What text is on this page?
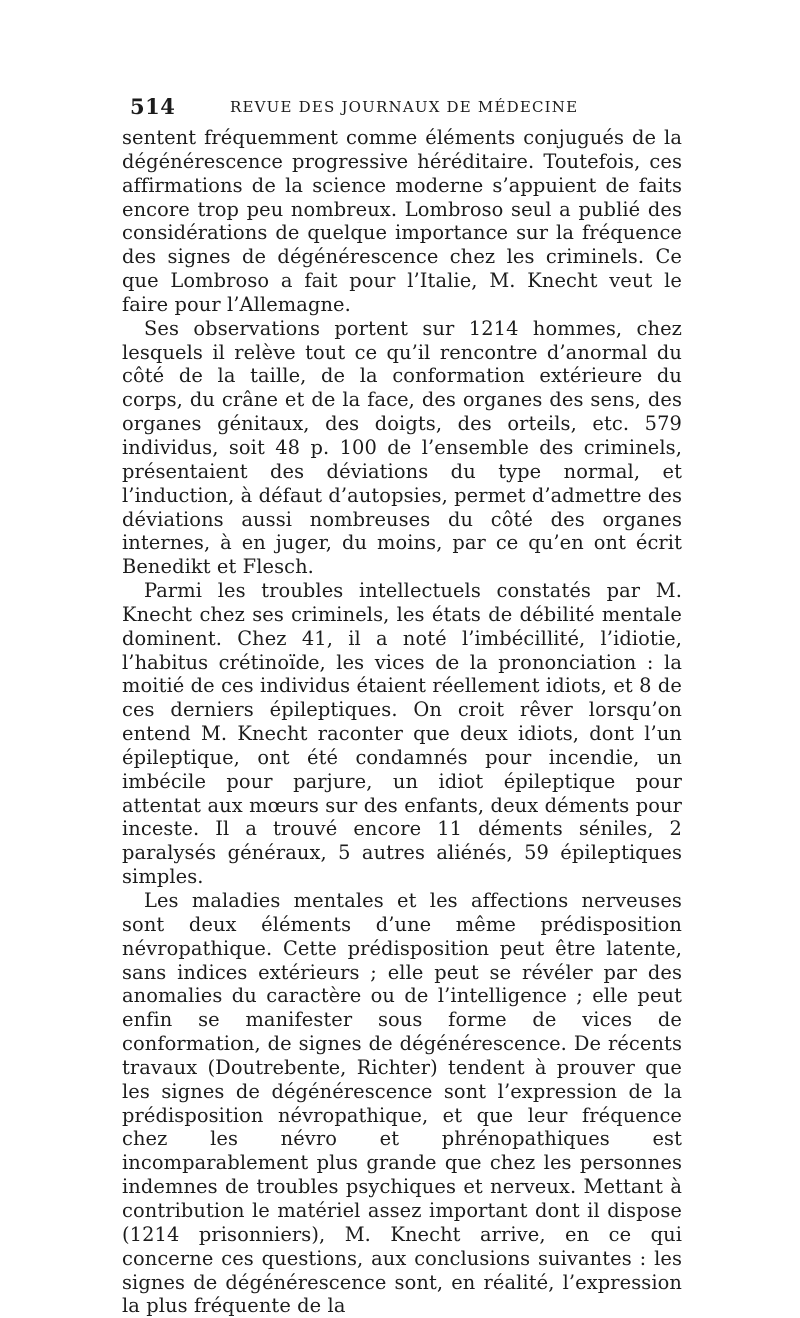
514	REVUE DES JOURNAUX DE MÉDECINE

sentent fréquemment comme éléments conjugués de la dégénérescence progressive héréditaire. Toutefois, ces affirmations de la science moderne s’appuient de faits encore trop peu nombreux. Lombroso seul a publié des considérations de quelque importance sur la fréquence des signes de dégénérescence chez les criminels. Ce que Lombroso a fait pour l’Italie, M. Knecht veut le faire pour l’Allemagne.

Ses observations portent sur 1214 hommes, chez lesquels il relève tout ce qu’il rencontre d’anormal du côté de la taille, de la conformation extérieure du corps, du crâne et de la face, des organes des sens, des organes génitaux, des doigts, des orteils, etc. 579 individus, soit 48 p. 100 de l’ensemble des criminels, présentaient des déviations du type normal, et l’induction, à défaut d’autopsies, permet d’admettre des déviations aussi nombreuses du côté des organes internes, à en juger, du moins, par ce qu’en ont écrit Benedikt et Flesch.

Parmi les troubles intellectuels constatés par M. Knecht chez ses criminels, les états de débilité mentale dominent. Chez 41, il a noté l’imbécillité, l’idiotie, l’habitus crétinoïde, les vices de la prononciation : la moitié de ces individus étaient réellement idiots, et 8 de ces derniers épileptiques. On croit rêver lorsqu’on entend M. Knecht raconter que deux idiots, dont l’un épileptique, ont été condamnés pour incendie, un imbécile pour parjure, un idiot épileptique pour attentat aux mœurs sur des enfants, deux déments pour inceste. Il a trouvé encore 11 déments séniles, 2 paralysés généraux, 5 autres aliénés, 59 épileptiques simples.

Les maladies mentales et les affections nerveuses sont deux éléments d’une même prédisposition névropathique. Cette prédisposition peut être latente, sans indices extérieurs ; elle peut se révéler par des anomalies du caractère ou de l’intelligence ; elle peut enfin se manifester sous forme de vices de conformation, de signes de dégénérescence. De récents travaux (Doutrebente, Richter) tendent à prouver que les signes de dégénérescence sont l’expression de la prédisposition névropathique, et que leur fréquence chez les névro et phrénopathiques est incomparablement plus grande que chez les personnes indemnes de troubles psychiques et nerveux. Mettant à contribution le matériel assez important dont il dispose (1214 prisonniers), M. Knecht arrive, en ce qui concerne ces questions, aux conclusions suivantes : les signes de dégénérescence sont, en réalité, l’expression la plus fréquente de la
